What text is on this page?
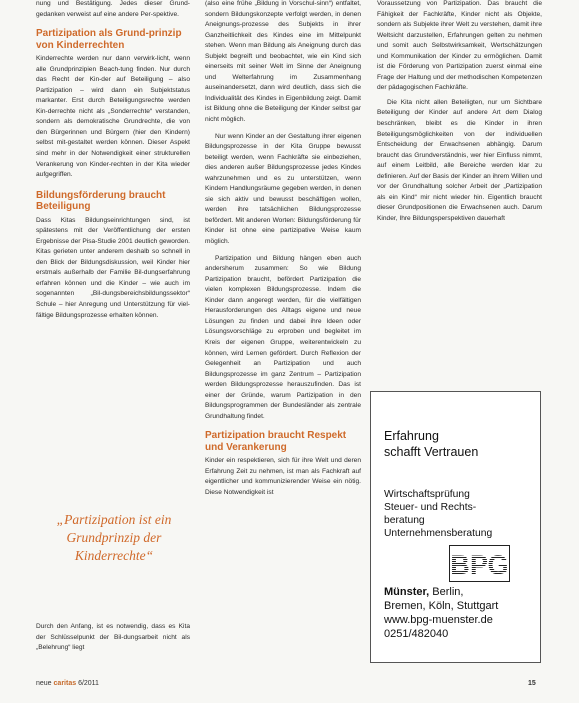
nung und Bestätigung. Jedes dieser Grund-gedanken verweist auf eine andere Per-spektive.

Partizipation als Grund-prinzip von Kinderrechten

Kinderrechte werden nur dann verwirk-licht, wenn alle Grundprinzipien Beach-tung finden. Nur durch das Recht der Kin-der auf Beteiligung – also Partizipation – wird dann ein Subjektstatus markanter. Erst durch Beteiligungsrechte werden Kin-derrechte nicht als „Sonderrechte“ verstanden, sondern als demokratische Grundrechte, die von den Bürgerinnen und Bürgern (hier den Kindern) selbst mit-gestaltet werden können. Dieser Aspekt sind mehr in der Notwendigkeit einer strukturellen Verankerung von Kinder-rechten in der Kita wieder aufgegriffen.

Bildungsförderung braucht Beteiligung

Dass Kitas Bildungseinrichtungen sind, ist spätestens mit der Veröffentlichung der ersten Ergebnisse der Pisa-Studie 2001 deutlich geworden. Kitas gerieten unter anderem deshalb so schnell in den Blick der Bildungsdiskussion, weil Kinder hier erstmals außerhalb der Familie Bil-dungserfahrung erfahren können und die Kinder – wie auch im sogenannten „Bil-dungsbereichsbildungssektor“ Schule – hier Anregung und Unterstützung für viel-fältige Bildungsprozesse erhalten können.

Durch den Anfang, ist es notwendig, dass es Kita der Schlüsselpunkt der Bil-dungsarbeit nicht als „Belehrung“ liegt

„Partizipation ist ein Grundprinzip der Kinderrechte“

(also eine frühe „Bildung in Vorschul-sinn“) entfaltet, sondern Bildungskonzepte verfolgt werden, in denen Aneignungs-prozesse des Subjekts in ihrer Ganzheitlichkeit des Kindes eine im Mittelpunkt stehen. Wenn man Bildung als Aneignung durch das Subjekt begreift und beobachtet, wie ein Kind sich einerseits mit seiner Welt im Sinne der Aneignung und Welterfahrung im Zusammenhang auseinandersetzt, dann wird deutlich, dass sich die Individualität des Kindes in Eigenbildung zeigt. Damit ist Bildung ohne die Beteiligung der Kinder selbst gar nicht möglich.

Nur wenn Kinder an der Gestaltung ihrer eigenen Bildungsprozesse in der Kita Gruppe bewusst beteiligt werden, wenn Fachkräfte sie einbeziehen, dies anderen außer Bildungsprozesse jedes Kindes wahrzunehmen und es zu unterstützen, wenn Kindern Handlungsräume gegeben werden, in denen sie sich aktiv und bewusst beschäftigen wollen, werden ihre tatsächlichen Bildungsprozesse befördert. Mit anderen Worten: Bildungsförderung für Kinder ist ohne eine partizipative Weise kaum möglich.

Partizipation und Bildung hängen eben auch andersherum zusammen: So wie Bildung Partizipation braucht, befördert Partizipation die vielen komplexen Bildungsprozesse. Indem die Kinder dann angeregt werden, für die vielfältigen Herausforderungen des Alltags eigene und neue Lösungen zu finden und dabei ihre Ideen oder Lösungsvorschläge zu erproben und begleitet im Kreis der eigenen Gruppe, weiterentwickeln zu können, wird Lernen gefördert. Durch Reflexion der Gelegenheit an Partizipation und auch Bildungsprozesse im ganz Zentrum – Partizipation werden Bildungsprozesse herauszufinden. Das ist einer der Gründe, warum Partizipation in den Bildungsprogrammen der Bundesländer als zentrale Grundhaltung findet.

Partizipation braucht Respekt und Verankerung

Kinder ein respektieren, sich für ihre Welt und deren Erfahrung Zeit zu nehmen, ist man als Fachkraft auf eigentlicher und kommunizierender Weise ein nötig. Diese Notwendigkeit ist

Voraussetzung von Partizipation. Das braucht die Fähigkeit der Fachkräfte, Kinder nicht als Objekte, sondern als Subjekte ihrer Welt zu verstehen, damit ihre Weltsicht darzustellen, Erfahrungen gelten zu nehmen und somit auch Selbstwirksamkeit, Wertschätzungen und Kommunikation der Kinder zu ermöglichen. Damit ist die Förderung von Partizipation zuerst einmal eine Frage der Haltung und der methodischen Kompetenzen der pädagogischen Fachkräfte.

Die Kita nicht allen Beteiligten, nur um Sichtbare Beteiligung der Kinder auf andere Art dem Dialog beschränken, bleibt es die Kinder in ihren Beteiligungsmöglichkeiten von der individuellen Entscheidung der Erwachsenen abhängig. Darum braucht das Grundverständnis, wer hier Einfluss nimmt, auf einem Leitbild, alle Bereiche werden klar zu definieren. Auf der Basis der Kinder an ihrem Willen und vor der Grundhaltung solcher Arbeit der „Partizipation als ein Kind“ mir nicht wieder hin. Eigentlich braucht dieser Grundpositionen die Erwachsenen auch. Darum Kinder, Ihre Bildungsperspektiven dauerhaft

B P G

Erfahrung
schafft Vertrauen

Wirtschaftsprüfung
Steuer- und Rechts-
beratung
Unternehmensberatung

Münster, Berlin,
Bremen, Köln, Stuttgart
www.bpg-muenster.de
0251/482040

neue caritas 6/2011	15
